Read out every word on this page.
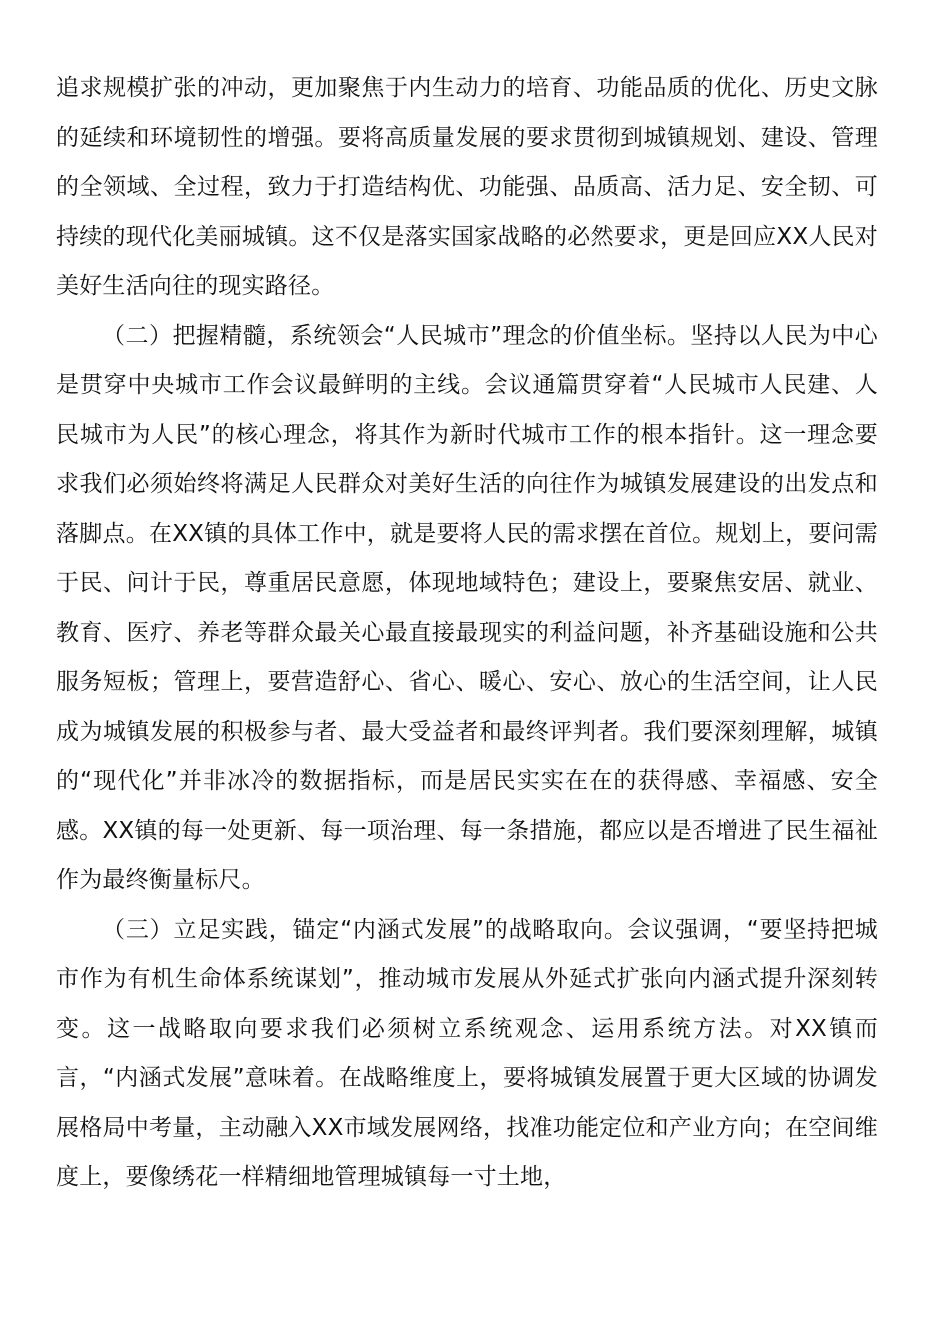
追求规模扩张的冲动，更加聚焦于内生动力的培育、功能品质的优化、历史文脉的延续和环境韧性的增强。要将高质量发展的要求贯彻到城镇规划、建设、管理的全领域、全过程，致力于打造结构优、功能强、品质高、活力足、安全韧、可持续的现代化美丽城镇。这不仅是落实国家战略的必然要求，更是回应XX人民对美好生活向往的现实路径。

（二）把握精髓，系统领会“人民城市”理念的价值坐标。坚持以人民为中心是贯穿中央城市工作会议最鲜明的主线。会议通篇贯穿着“人民城市人民建、人民城市为人民”的核心理念，将其作为新时代城市工作的根本指针。这一理念要求我们必须始终将满足人民群众对美好生活的向往作为城镇发展建设的出发点和落脚点。在XX镇的具体工作中，就是要将人民的需求摆在首位。规划上，要问需于民、问计于民，尊重居民意愿，体现地域特色；建设上，要聚焦安居、就业、教育、医疗、养老等群众最关心最直接最现实的利益问题，补齐基础设施和公共服务短板；管理上，要营造舒心、省心、暖心、安心、放心的生活空间，让人民成为城镇发展的积极参与者、最大受益者和最终评判者。我们要深刻理解，城镇的“现代化”并非冰冷的数据指标，而是居民实实在在的获得感、幸福感、安全感。XX镇的每一处更新、每一项治理、每一条措施，都应以是否增进了民生福祉作为最终衡量标尺。

（三）立足实践，锚定“内涵式发展”的战略取向。会议强调，“要坚持把城市作为有机生命体系统谋划”，推动城市发展从外延式扩张向内涵式提升深刻转变。这一战略取向要求我们必须树立系统观念、运用系统方法。对XX镇而言，“内涵式发展”意味着。在战略维度上，要将城镇发展置于更大区域的协调发展格局中考量，主动融入XX市域发展网络，找准功能定位和产业方向；在空间维度上，要像绣花一样精细地管理城镇每一寸土地，
